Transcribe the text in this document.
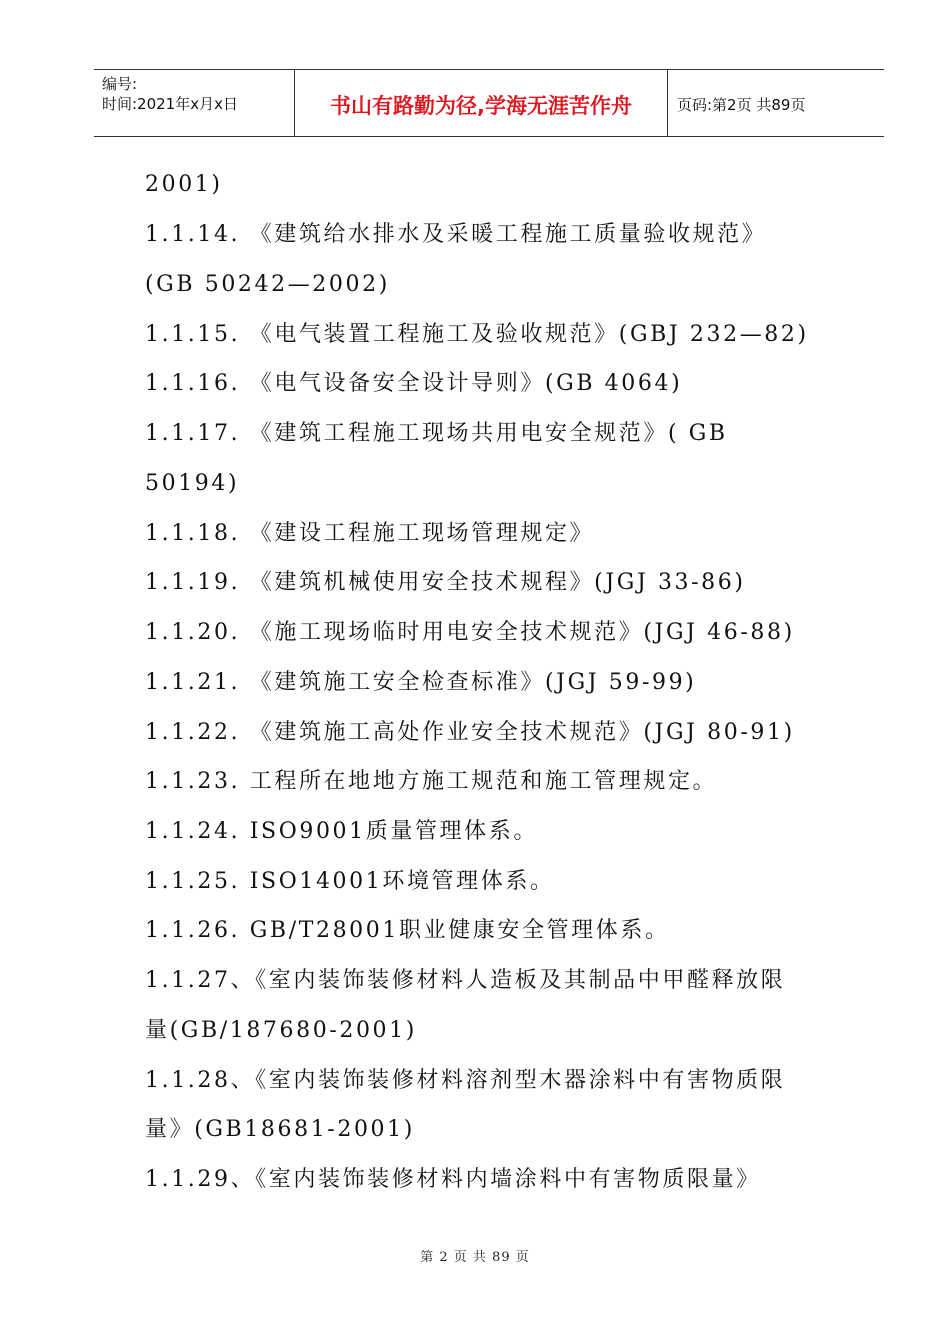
编号:
时间:2021年x月x日	书山有路勤为径,学海无涯苦作舟	页码:第2页 共89页
2001)
1.1.14. 《建筑给水排水及采暖工程施工质量验收规范》
(GB 50242—2002)
1.1.15. 《电气装置工程施工及验收规范》(GBJ 232—82)
1.1.16. 《电气设备安全设计导则》(GB 4064)
1.1.17. 《建筑工程施工现场共用电安全规范》( GB
50194)
1.1.18. 《建设工程施工现场管理规定》
1.1.19. 《建筑机械使用安全技术规程》(JGJ 33-86)
1.1.20. 《施工现场临时用电安全技术规范》(JGJ 46-88)
1.1.21. 《建筑施工安全检查标准》(JGJ 59-99)
1.1.22. 《建筑施工高处作业安全技术规范》(JGJ 80-91)
1.1.23. 工程所在地地方施工规范和施工管理规定。
1.1.24. ISO9001质量管理体系。
1.1.25. ISO14001环境管理体系。
1.1.26. GB/T28001职业健康安全管理体系。
1.1.27、《室内装饰装修材料人造板及其制品中甲醛释放限
量(GB/187680-2001)
1.1.28、《室内装饰装修材料溶剂型木器涂料中有害物质限
量》(GB18681-2001)
1.1.29、《室内装饰装修材料内墙涂料中有害物质限量》
第 2 页 共 89 页
